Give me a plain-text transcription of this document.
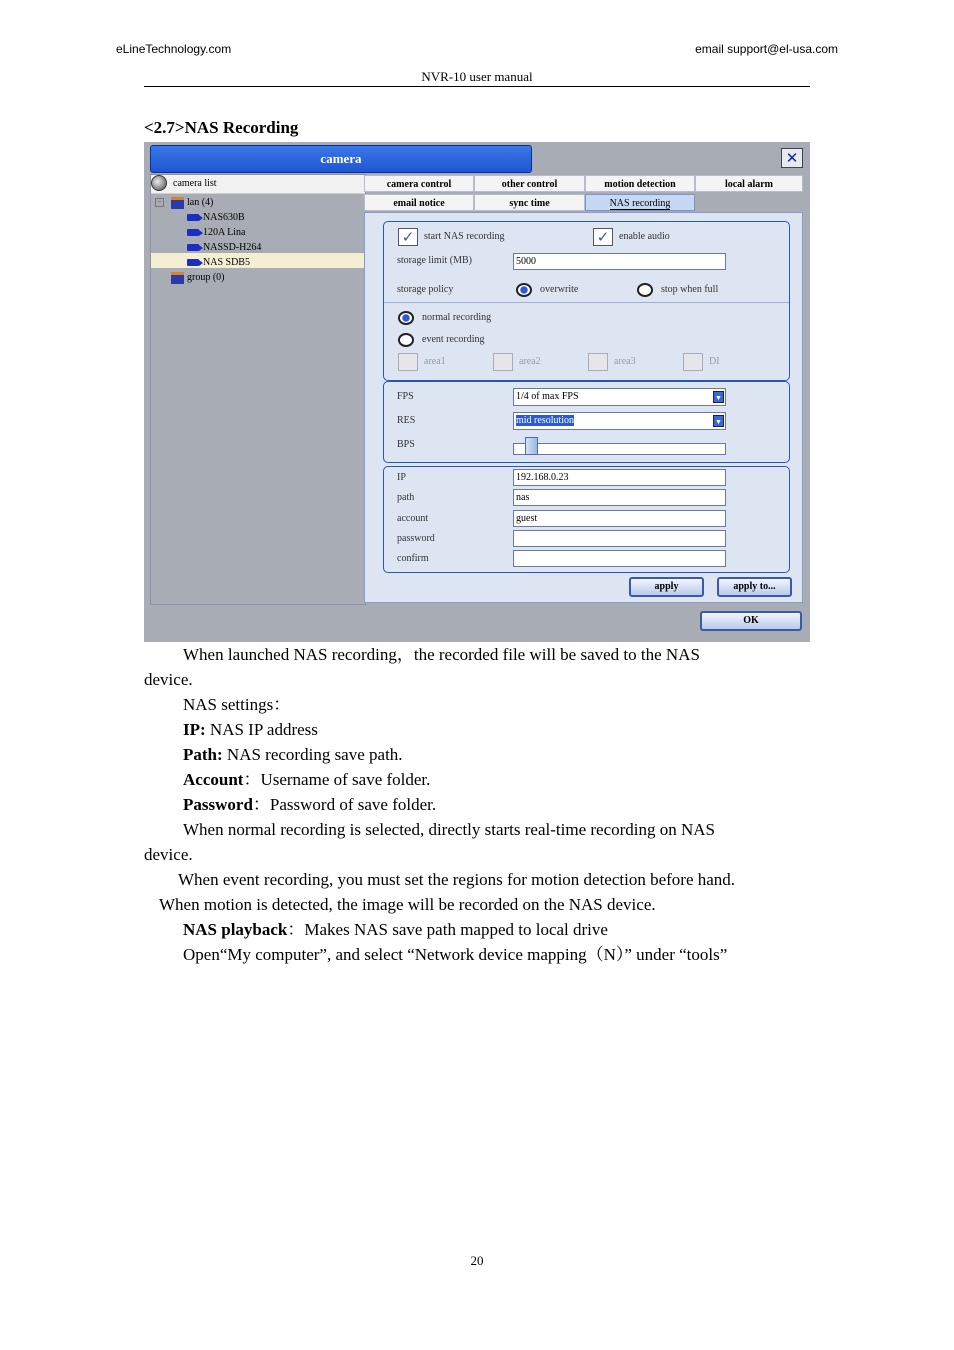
eLineTechnology.com	email support@el-usa.com
NVR-10 user manual
<2.7>NAS Recording
camera	✕
camera list
−	lan (4)
NAS630B
120A Lina
NASSD-H264
NAS SDB5
group (0)
camera control	other control	motion detection	local alarm
email notice	sync time	NAS recording
✓ start NAS recording	✓ enable audio
storage limit (MB)	5000
storage policy	overwrite	stop when full
normal recording
event recording
area1	area2	area3	DI
FPS	1/4 of max FPS	▼
RES	mid resolution	▼
BPS
IP	192.168.0.23
path	nas
account	guest
password
confirm
apply	apply to...
OK
When launched NAS recording，the recorded file will be saved to the NAS
device.
NAS settings：
IP: NAS IP address
Path: NAS recording save path.
Account：Username of save folder.
Password：Password of save folder.
When normal recording is selected, directly starts real-time recording on NAS
device.
When event recording, you must set the regions for motion detection before hand.
When motion is detected, the image will be recorded on the NAS device.
NAS playback：Makes NAS save path mapped to local drive
Open“My computer”, and select “Network device mapping（N）” under “tools”
20
